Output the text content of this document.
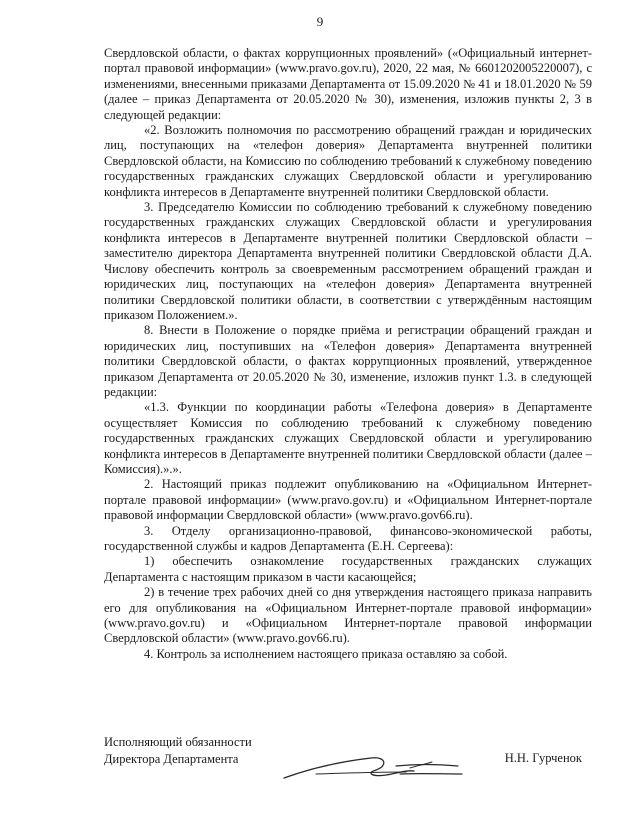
9

Свердловской области, о фактах коррупционных проявлений» («Официальный интернет-портал правовой информации» (www.pravo.gov.ru), 2020, 22 мая, № 6601202005220007), с изменениями, внесенными приказами Департамента от 15.09.2020 № 41 и 18.01.2020 № 59 (далее – приказ Департамента от 20.05.2020 № 30), изменения, изложив пункты 2, 3 в следующей редакции:

«2. Возложить полномочия по рассмотрению обращений граждан и юридических лиц, поступающих на «телефон доверия» Департамента внутренней политики Свердловской области, на Комиссию по соблюдению требований к служебному поведению государственных гражданских служащих Свердловской области и урегулированию конфликта интересов в Департаменте внутренней политики Свердловской области.

3. Председателю Комиссии по соблюдению требований к служебному поведению государственных гражданских служащих Свердловской области и урегулирования конфликта интересов в Департаменте внутренней политики Свердловской области – заместителю директора Департамента внутренней политики Свердловской области Д.А. Числову обеспечить контроль за своевременным рассмотрением обращений граждан и юридических лиц, поступающих на «телефон доверия» Департамента внутренней политики Свердловской политики области, в соответствии с утверждённым настоящим приказом Положением.».

8. Внести в Положение о порядке приёма и регистрации обращений граждан и юридических лиц, поступивших на «Телефон доверия» Департамента внутренней политики Свердловской области, о фактах коррупционных проявлений, утвержденное приказом Департамента от 20.05.2020 № 30, изменение, изложив пункт 1.3. в следующей редакции:

«1.3. Функции по координации работы «Телефона доверия» в Департаменте осуществляет Комиссия по соблюдению требований к служебному поведению государственных гражданских служащих Свердловской области и урегулированию конфликта интересов в Департаменте внутренней политики Свердловской области (далее – Комиссия).».».

2. Настоящий приказ подлежит опубликованию на «Официальном Интернет-портале правовой информации» (www.pravo.gov.ru) и «Официальном Интернет-портале правовой информации Свердловской области» (www.pravo.gov66.ru).

3. Отделу организационно-правовой, финансово-экономической работы, государственной службы и кадров Департамента (Е.Н. Сергеева):

1) обеспечить ознакомление государственных гражданских служащих Департамента с настоящим приказом в части касающейся;

2) в течение трех рабочих дней со дня утверждения настоящего приказа направить его для опубликования на «Официальном Интернет-портале правовой информации» (www.pravo.gov.ru) и «Официальном Интернет-портале правовой информации Свердловской области» (www.pravo.gov66.ru).

4. Контроль за исполнением настоящего приказа оставляю за собой.

Исполняющий обязанности
Директора Департамента	Н.Н. Гурченок
